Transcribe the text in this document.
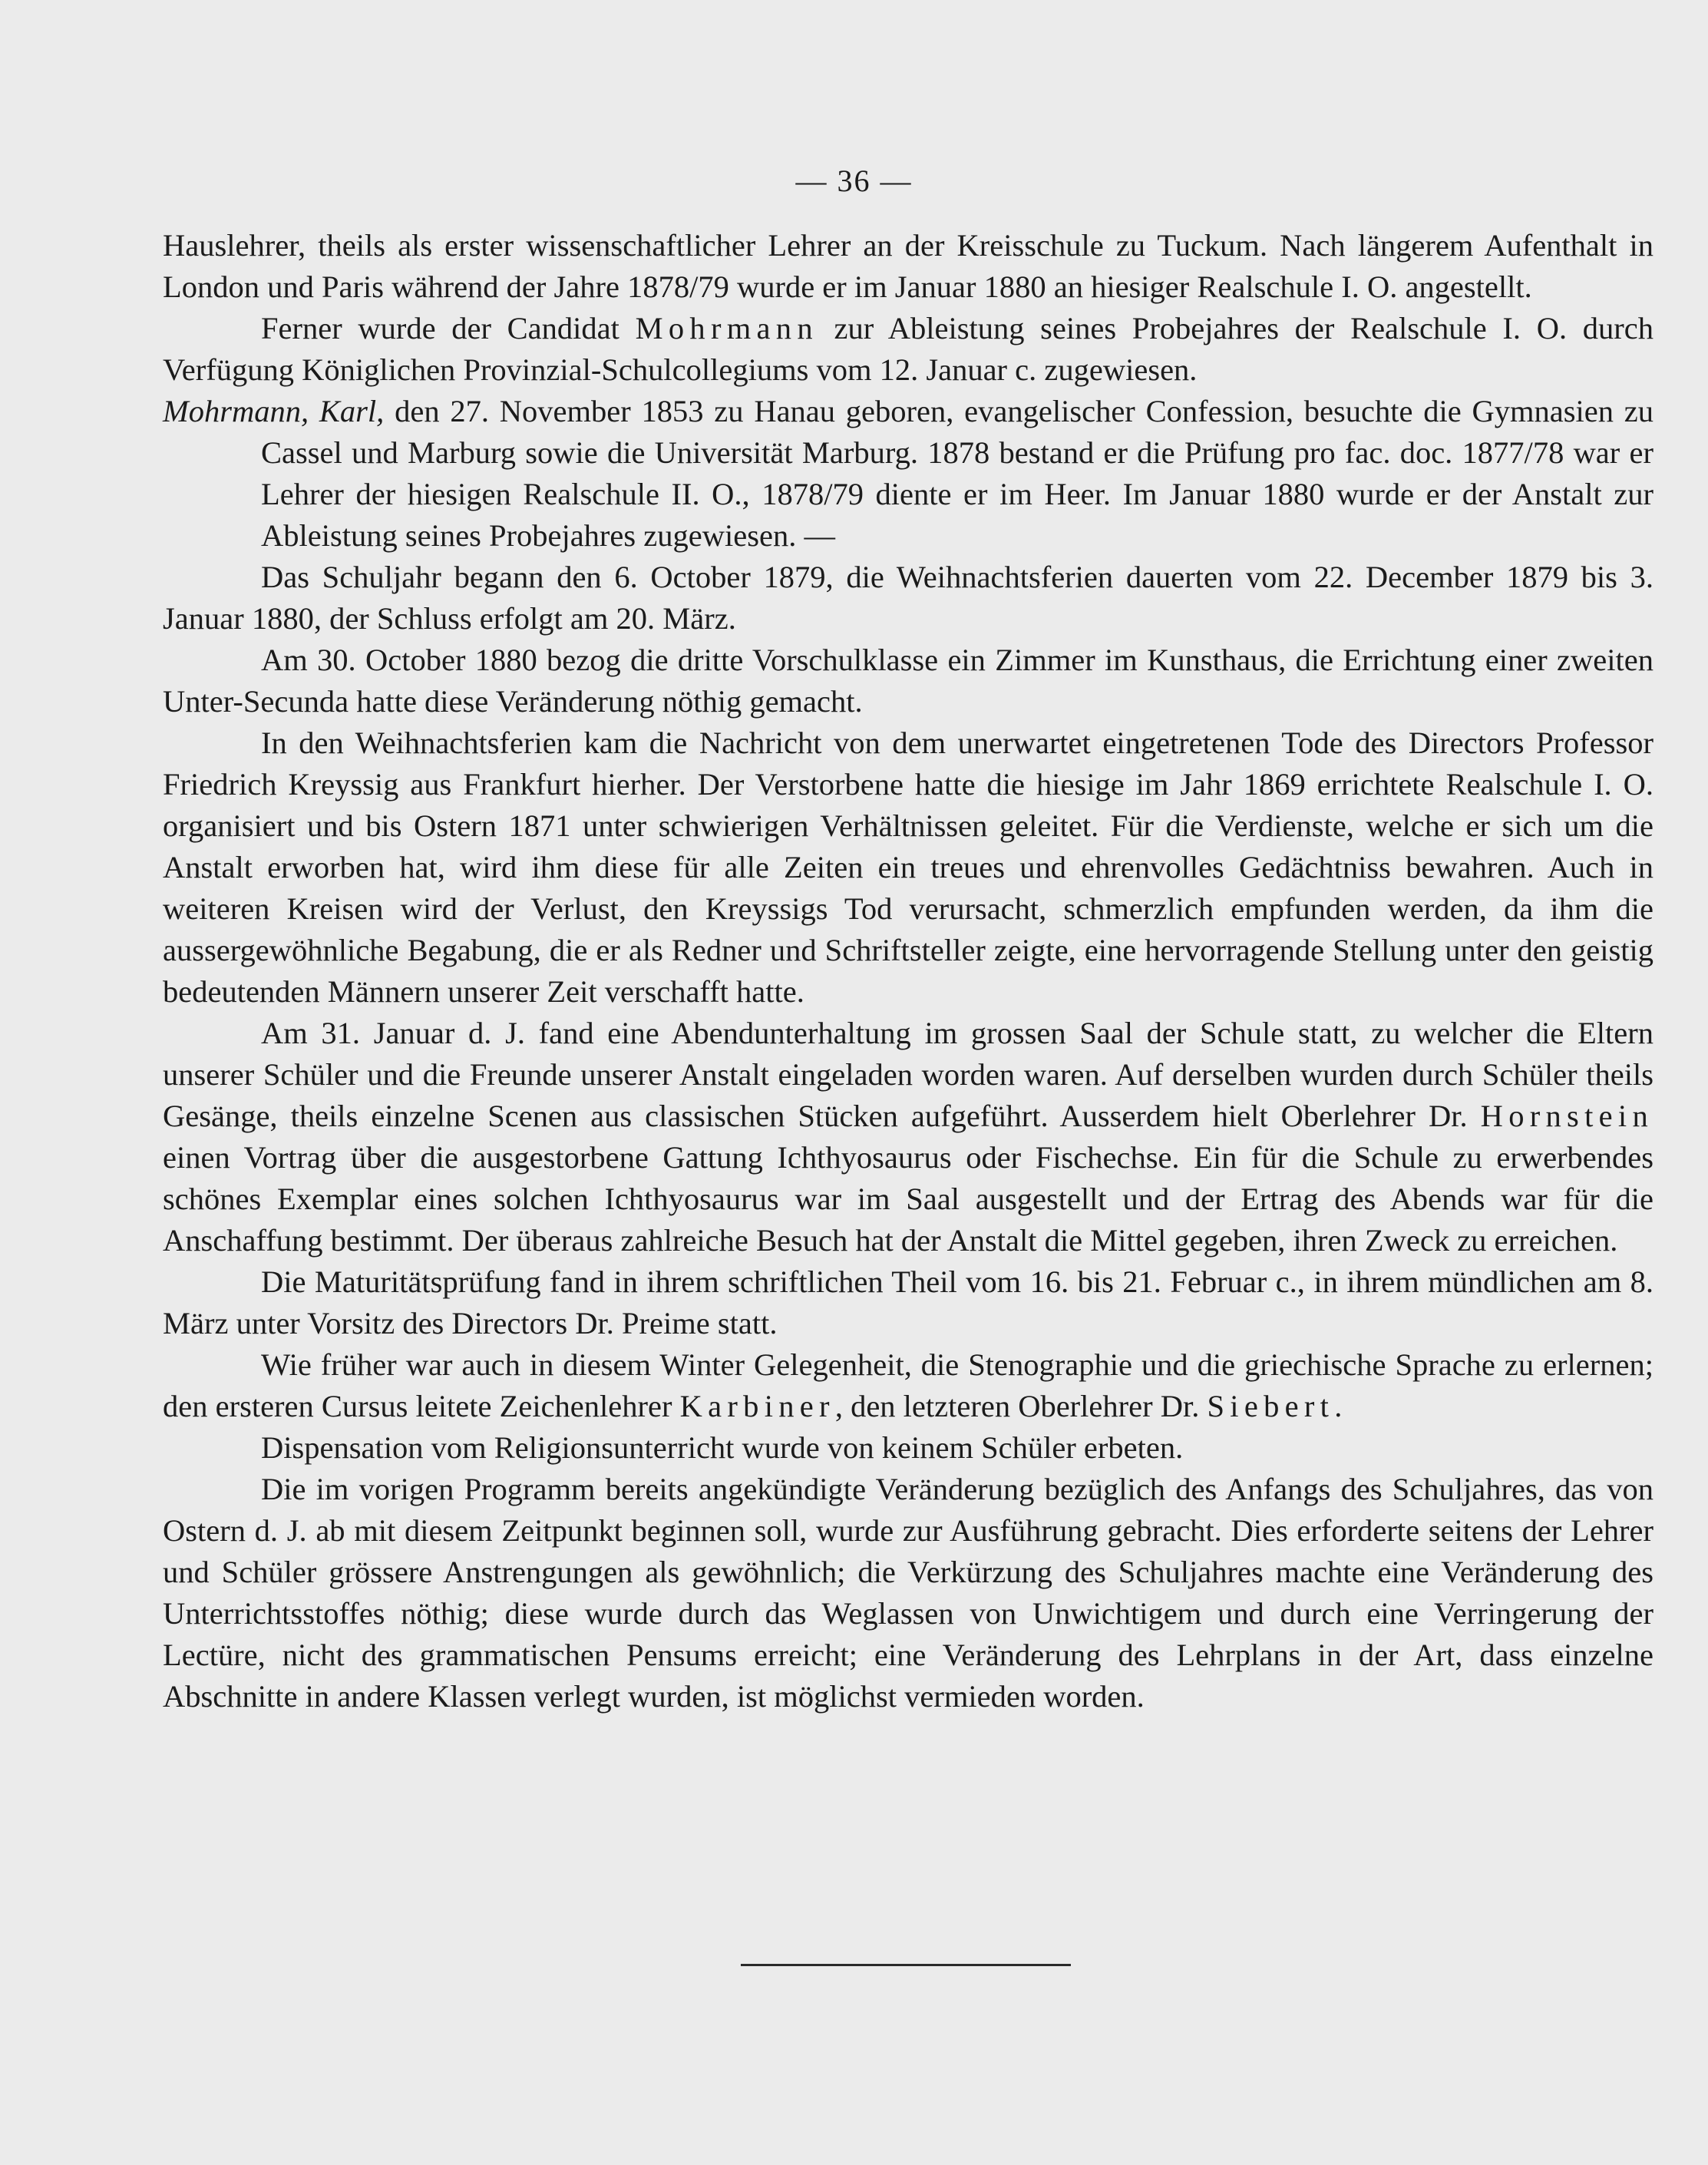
— 36 —

Hauslehrer, theils als erster wissenschaftlicher Lehrer an der Kreisschule zu Tuckum. Nach längerem Aufenthalt in London und Paris während der Jahre 1878/79 wurde er im Januar 1880 an hiesiger Realschule I. O. angestellt.

Ferner wurde der Candidat Mohrmann zur Ableistung seines Probejahres der Realschule I. O. durch Verfügung Königlichen Provinzial-Schulcollegiums vom 12. Januar c. zugewiesen.

Mohrmann, Karl, den 27. November 1853 zu Hanau geboren, evangelischer Confession, besuchte die Gymnasien zu Cassel und Marburg sowie die Universität Marburg. 1878 bestand er die Prüfung pro fac. doc. 1877/78 war er Lehrer der hiesigen Realschule II. O., 1878/79 diente er im Heer. Im Januar 1880 wurde er der Anstalt zur Ableistung seines Probejahres zugewiesen. —

Das Schuljahr begann den 6. October 1879, die Weihnachtsferien dauerten vom 22. December 1879 bis 3. Januar 1880, der Schluss erfolgt am 20. März.

Am 30. October 1880 bezog die dritte Vorschulklasse ein Zimmer im Kunsthaus, die Errichtung einer zweiten Unter-Secunda hatte diese Veränderung nöthig gemacht.

In den Weihnachtsferien kam die Nachricht von dem unerwartet eingetretenen Tode des Directors Professor Friedrich Kreyssig aus Frankfurt hierher. Der Verstorbene hatte die hiesige im Jahr 1869 errichtete Realschule I. O. organisiert und bis Ostern 1871 unter schwierigen Verhältnissen geleitet. Für die Verdienste, welche er sich um die Anstalt erworben hat, wird ihm diese für alle Zeiten ein treues und ehrenvolles Gedächtniss bewahren. Auch in weiteren Kreisen wird der Verlust, den Kreyssigs Tod verursacht, schmerzlich empfunden werden, da ihm die aussergewöhnliche Begabung, die er als Redner und Schriftsteller zeigte, eine hervorragende Stellung unter den geistig bedeutenden Männern unserer Zeit verschafft hatte.

Am 31. Januar d. J. fand eine Abendunterhaltung im grossen Saal der Schule statt, zu welcher die Eltern unserer Schüler und die Freunde unserer Anstalt eingeladen worden waren. Auf derselben wurden durch Schüler theils Gesänge, theils einzelne Scenen aus classischen Stücken aufgeführt. Ausserdem hielt Oberlehrer Dr. Hornstein einen Vortrag über die ausgestorbene Gattung Ichthyosaurus oder Fischechse. Ein für die Schule zu erwerbendes schönes Exemplar eines solchen Ichthyosaurus war im Saal ausgestellt und der Ertrag des Abends war für die Anschaffung bestimmt. Der überaus zahlreiche Besuch hat der Anstalt die Mittel gegeben, ihren Zweck zu erreichen.

Die Maturitätsprüfung fand in ihrem schriftlichen Theil vom 16. bis 21. Februar c., in ihrem mündlichen am 8. März unter Vorsitz des Directors Dr. Preime statt.

Wie früher war auch in diesem Winter Gelegenheit, die Stenographie und die griechische Sprache zu erlernen; den ersteren Cursus leitete Zeichenlehrer Karbiner, den letzteren Oberlehrer Dr. Siebert.

Dispensation vom Religionsunterricht wurde von keinem Schüler erbeten.

Die im vorigen Programm bereits angekündigte Veränderung bezüglich des Anfangs des Schuljahres, das von Ostern d. J. ab mit diesem Zeitpunkt beginnen soll, wurde zur Ausführung gebracht. Dies erforderte seitens der Lehrer und Schüler grössere Anstrengungen als gewöhnlich; die Verkürzung des Schuljahres machte eine Veränderung des Unterrichtsstoffes nöthig; diese wurde durch das Weglassen von Unwichtigem und durch eine Verringerung der Lectüre, nicht des grammatischen Pensums erreicht; eine Veränderung des Lehrplans in der Art, dass einzelne Abschnitte in andere Klassen verlegt wurden, ist möglichst vermieden worden.
